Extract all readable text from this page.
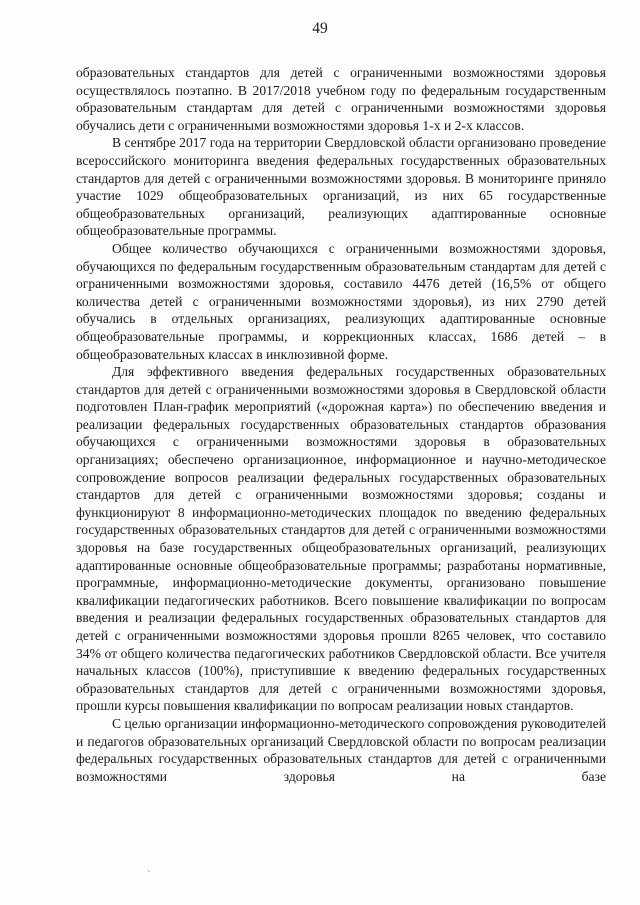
49

образовательных стандартов для детей с ограниченными возможностями здоровья осуществлялось поэтапно. В 2017/2018 учебном году по федеральным государственным образовательным стандартам для детей с ограниченными возможностями здоровья обучались дети с ограниченными возможностями здоровья 1-х и 2-х классов.

В сентябре 2017 года на территории Свердловской области организовано проведение всероссийского мониторинга введения федеральных государственных образовательных стандартов для детей с ограниченными возможностями здоровья. В мониторинге приняло участие 1029 общеобразовательных организаций, из них 65 государственные общеобразовательных организаций, реализующих адаптированные основные общеобразовательные программы.

Общее количество обучающихся с ограниченными возможностями здоровья, обучающихся по федеральным государственным образовательным стандартам для детей с ограниченными возможностями здоровья, составило 4476 детей (16,5% от общего количества детей с ограниченными возможностями здоровья), из них 2790 детей обучались в отдельных организациях, реализующих адаптированные основные общеобразовательные программы, и коррекционных классах, 1686 детей – в общеобразовательных классах в инклюзивной форме.

Для эффективного введения федеральных государственных образовательных стандартов для детей с ограниченными возможностями здоровья в Свердловской области подготовлен План-график мероприятий («дорожная карта») по обеспечению введения и реализации федеральных государственных образовательных стандартов образования обучающихся с ограниченными возможностями здоровья в образовательных организациях; обеспечено организационное, информационное и научно-методическое сопровождение вопросов реализации федеральных государственных образовательных стандартов для детей с ограниченными возможностями здоровья; созданы и функционируют 8 информационно-методических площадок по введению федеральных государственных образовательных стандартов для детей с ограниченными возможностями здоровья на базе государственных общеобразовательных организаций, реализующих адаптированные основные общеобразовательные программы; разработаны нормативные, программные, информационно-методические документы, организовано повышение квалификации педагогических работников. Всего повышение квалификации по вопросам введения и реализации федеральных государственных образовательных стандартов для детей с ограниченными возможностями здоровья прошли 8265 человек, что составило 34% от общего количества педагогических работников Свердловской области. Все учителя начальных классов (100%), приступившие к введению федеральных государственных образовательных стандартов для детей с ограниченными возможностями здоровья, прошли курсы повышения квалификации по вопросам реализации новых стандартов.

С целью организации информационно-методического сопровождения руководителей и педагогов образовательных организаций Свердловской области по вопросам реализации федеральных государственных образовательных стандартов для детей с ограниченными возможностями здоровья на базе

`
